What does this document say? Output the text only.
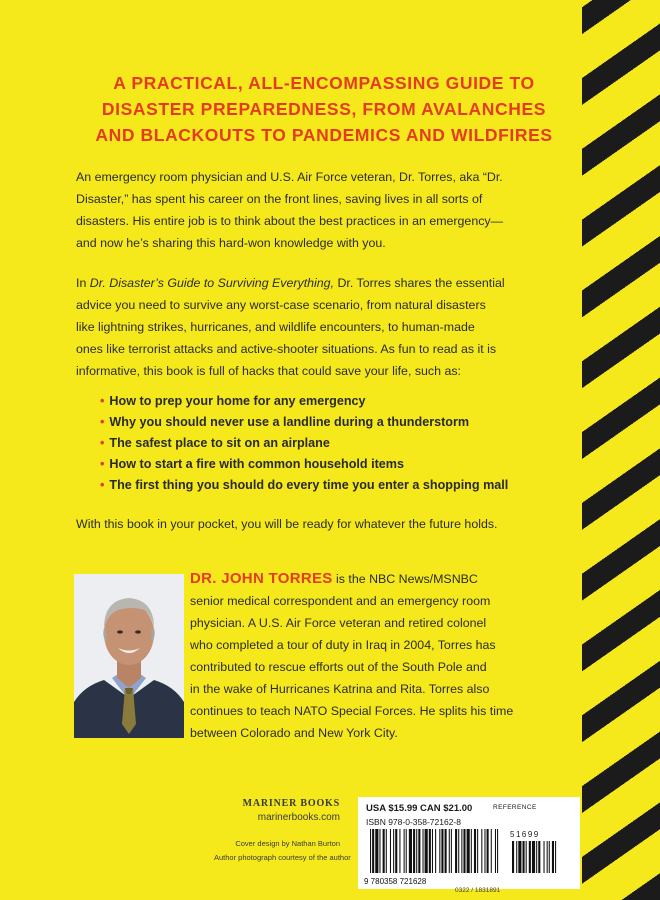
A PRACTICAL, ALL-ENCOMPASSING GUIDE TO
DISASTER PREPAREDNESS, FROM AVALANCHES
AND BLACKOUTS TO PANDEMICS AND WILDFIRES
An emergency room physician and U.S. Air Force veteran, Dr. Torres, aka “Dr.
Disaster,” has spent his career on the front lines, saving lives in all sorts of
disasters. His entire job is to think about the best practices in an emergency—
and now he’s sharing this hard-won knowledge with you.
In Dr. Disaster’s Guide to Surviving Everything, Dr. Torres shares the essential
advice you need to survive any worst-case scenario, from natural disasters
like lightning strikes, hurricanes, and wildlife encounters, to human-made
ones like terrorist attacks and active-shooter situations. As fun to read as it is
informative, this book is full of hacks that could save your life, such as:
• How to prep your home for any emergency
• Why you should never use a landline during a thunderstorm
• The safest place to sit on an airplane
• How to start a fire with common household items
• The first thing you should do every time you enter a shopping mall
With this book in your pocket, you will be ready for whatever the future holds.
DR. JOHN TORRES is the NBC News/MSNBC
senior medical correspondent and an emergency room
physician. A U.S. Air Force veteran and retired colonel
who completed a tour of duty in Iraq in 2004, Torres has
contributed to rescue efforts out of the South Pole and
in the wake of Hurricanes Katrina and Rita. Torres also
continues to teach NATO Special Forces. He splits his time
between Colorado and New York City.
MARINER BOOKS
marinerbooks.com
Cover design by Nathan Burton
Author photograph courtesy of the author
USA $15.99 CAN $21.00	REFERENCE
ISBN 978-0-358-72162-8
51699
9 780358 721628
0322 / 1831891
